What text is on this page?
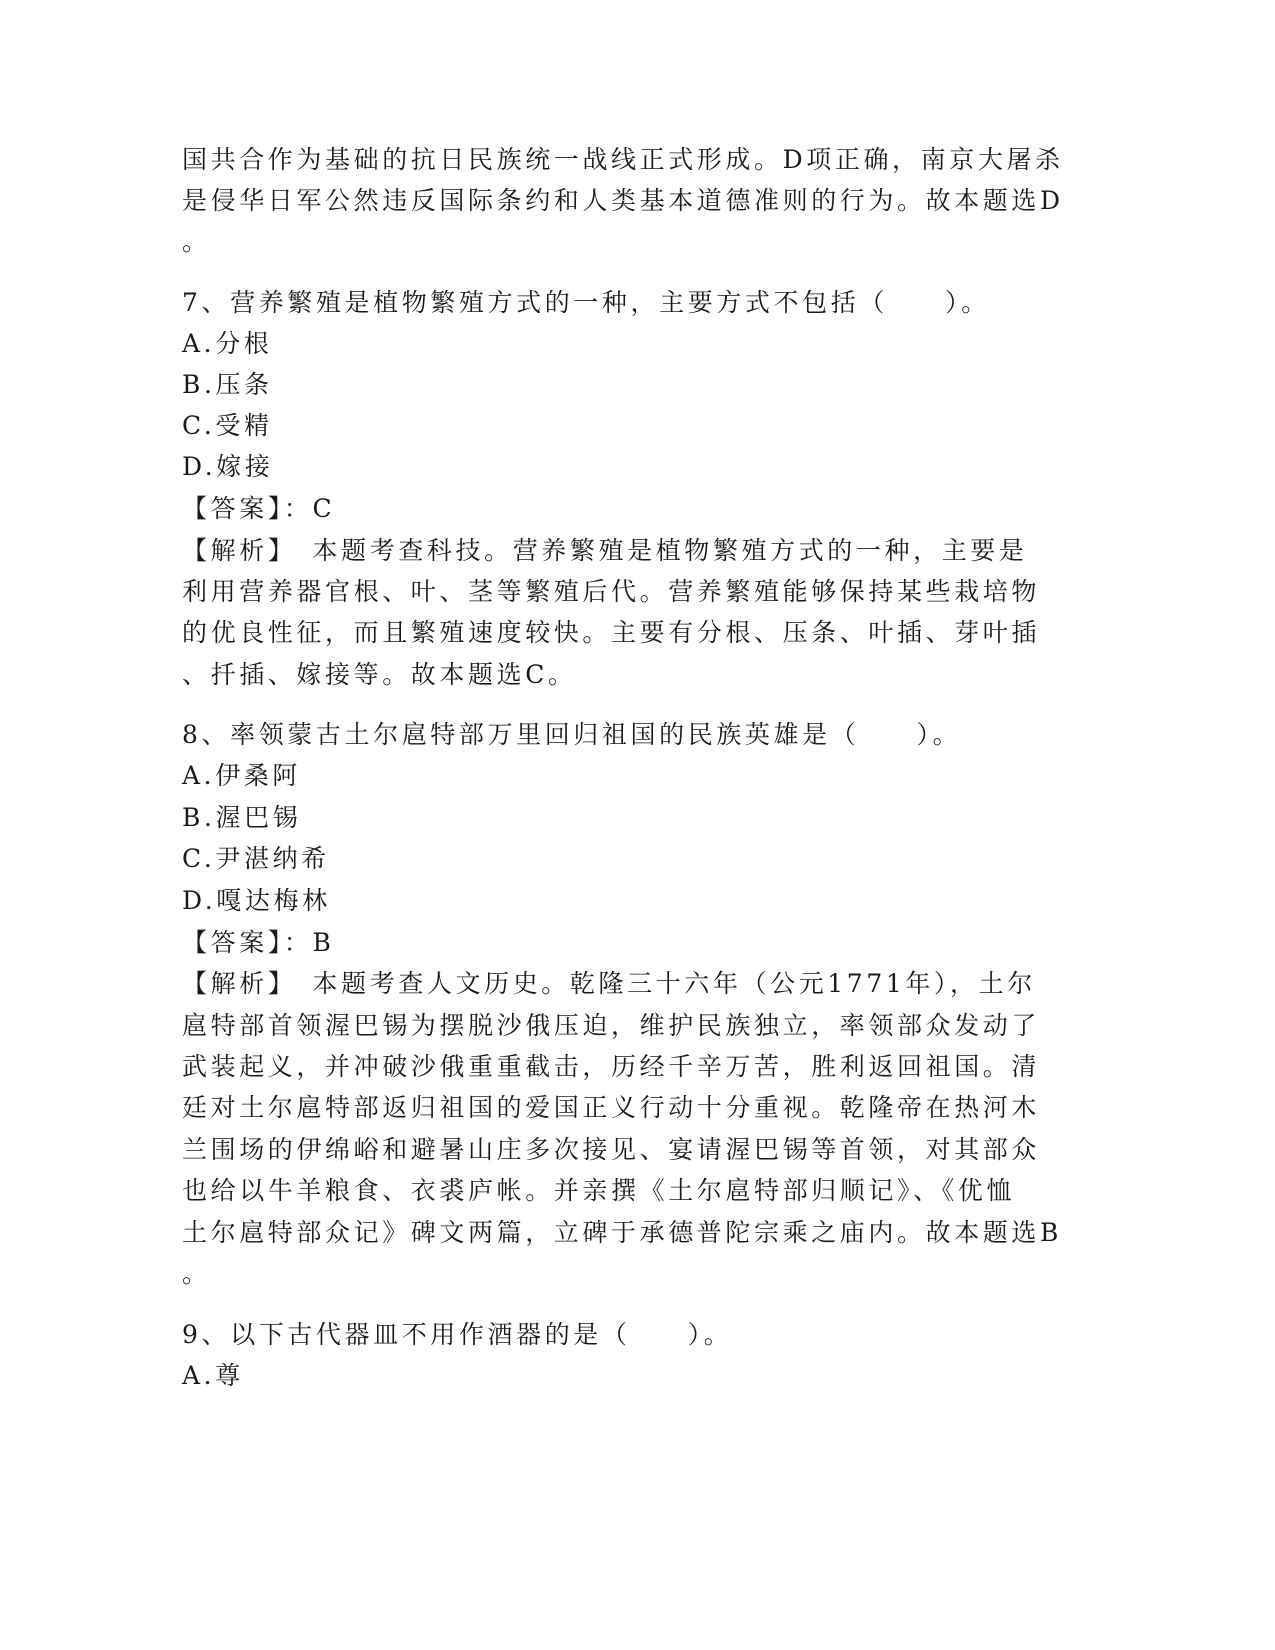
国共合作为基础的抗日民族统一战线正式形成。D项正确，南京大屠杀
是侵华日军公然违反国际条约和人类基本道德准则的行为。故本题选D
。
7、营养繁殖是植物繁殖方式的一种，主要方式不包括（　　）。
A.分根
B.压条
C.受精
D.嫁接
【答案】：C
【解析】　本题考查科技。营养繁殖是植物繁殖方式的一种，主要是
利用营养器官根、叶、茎等繁殖后代。营养繁殖能够保持某些栽培物
的优良性征，而且繁殖速度较快。主要有分根、压条、叶插、芽叶插
、扦插、嫁接等。故本题选C。
8、率领蒙古土尔扈特部万里回归祖国的民族英雄是（　　）。
A.伊桑阿
B.渥巴锡
C.尹湛纳希
D.嘎达梅林
【答案】：B
【解析】　本题考查人文历史。乾隆三十六年（公元1771年），土尔
扈特部首领渥巴锡为摆脱沙俄压迫，维护民族独立，率领部众发动了
武装起义，并冲破沙俄重重截击，历经千辛万苦，胜利返回祖国。清
廷对土尔扈特部返归祖国的爱国正义行动十分重视。乾隆帝在热河木
兰围场的伊绵峪和避暑山庄多次接见、宴请渥巴锡等首领，对其部众
也给以牛羊粮食、衣裘庐帐。并亲撰《土尔扈特部归顺记》、《优恤
土尔扈特部众记》碑文两篇，立碑于承德普陀宗乘之庙内。故本题选B
。
9、以下古代器皿不用作酒器的是（　　）。
A.尊
